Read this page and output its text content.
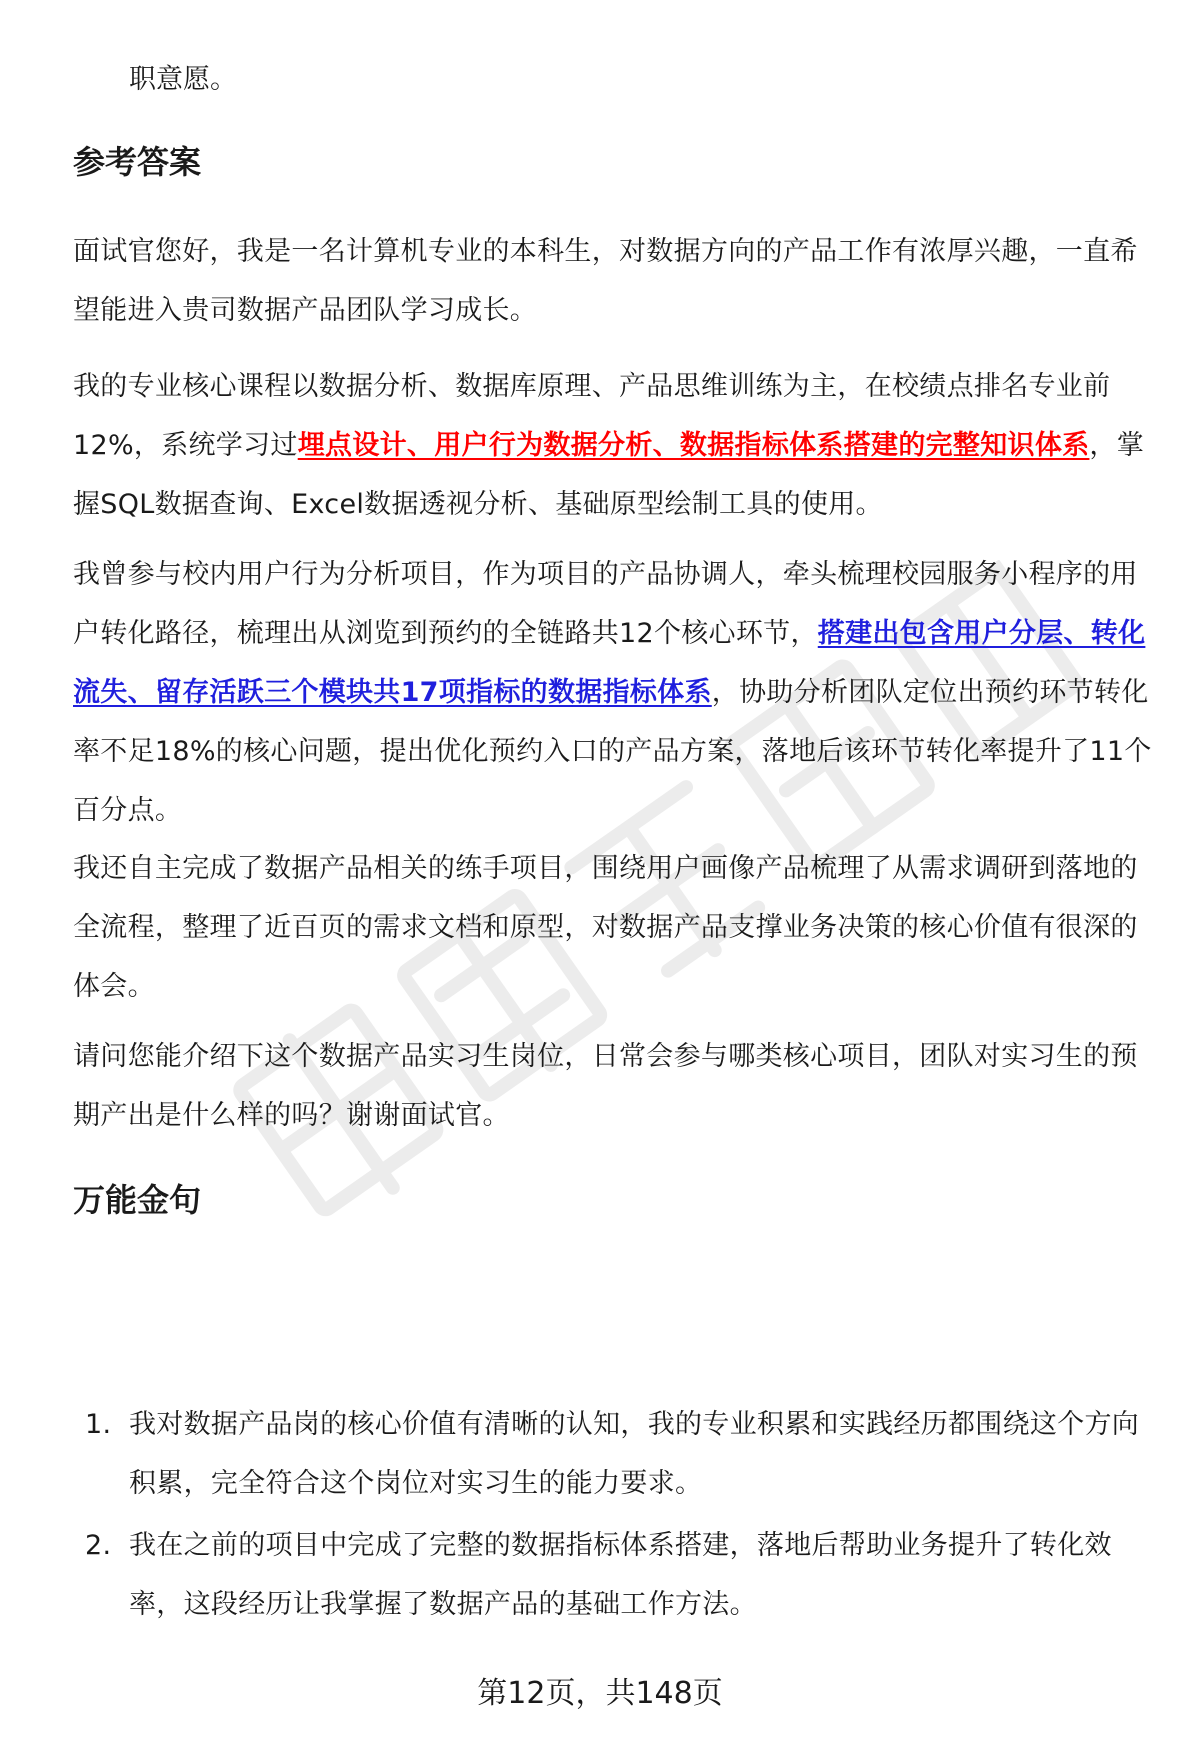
职意愿。

参考答案

面试官您好，我是一名计算机专业的本科生，对数据方向的产品工作有浓厚兴趣，一直希望能进入贵司数据产品团队学习成长。

我的专业核心课程以数据分析、数据库原理、产品思维训练为主，在校绩点排名专业前12%，系统学习过埋点设计、用户行为数据分析、数据指标体系搭建的完整知识体系，掌握SQL数据查询、Excel数据透视分析、基础原型绘制工具的使用。

我曾参与校内用户行为分析项目，作为项目的产品协调人，牵头梳理校园服务小程序的用户转化路径，梳理出从浏览到预约的全链路共12个核心环节，搭建出包含用户分层、转化流失、留存活跃三个模块共17项指标的数据指标体系，协助分析团队定位出预约环节转化率不足18%的核心问题，提出优化预约入口的产品方案，落地后该环节转化率提升了11个百分点。

我还自主完成了数据产品相关的练手项目，围绕用户画像产品梳理了从需求调研到落地的全流程，整理了近百页的需求文档和原型，对数据产品支撑业务决策的核心价值有很深的体会。

请问您能介绍下这个数据产品实习生岗位，日常会参与哪类核心项目，团队对实习生的预期产出是什么样的吗？谢谢面试官。

万能金句
1. 我对数据产品岗的核心价值有清晰的认知，我的专业积累和实践经历都围绕这个方向积累，完全符合这个岗位对实习生的能力要求。
2. 我在之前的项目中完成了完整的数据指标体系搭建，落地后帮助业务提升了转化效率，这段经历让我掌握了数据产品的基础工作方法。
第12页，共148页
